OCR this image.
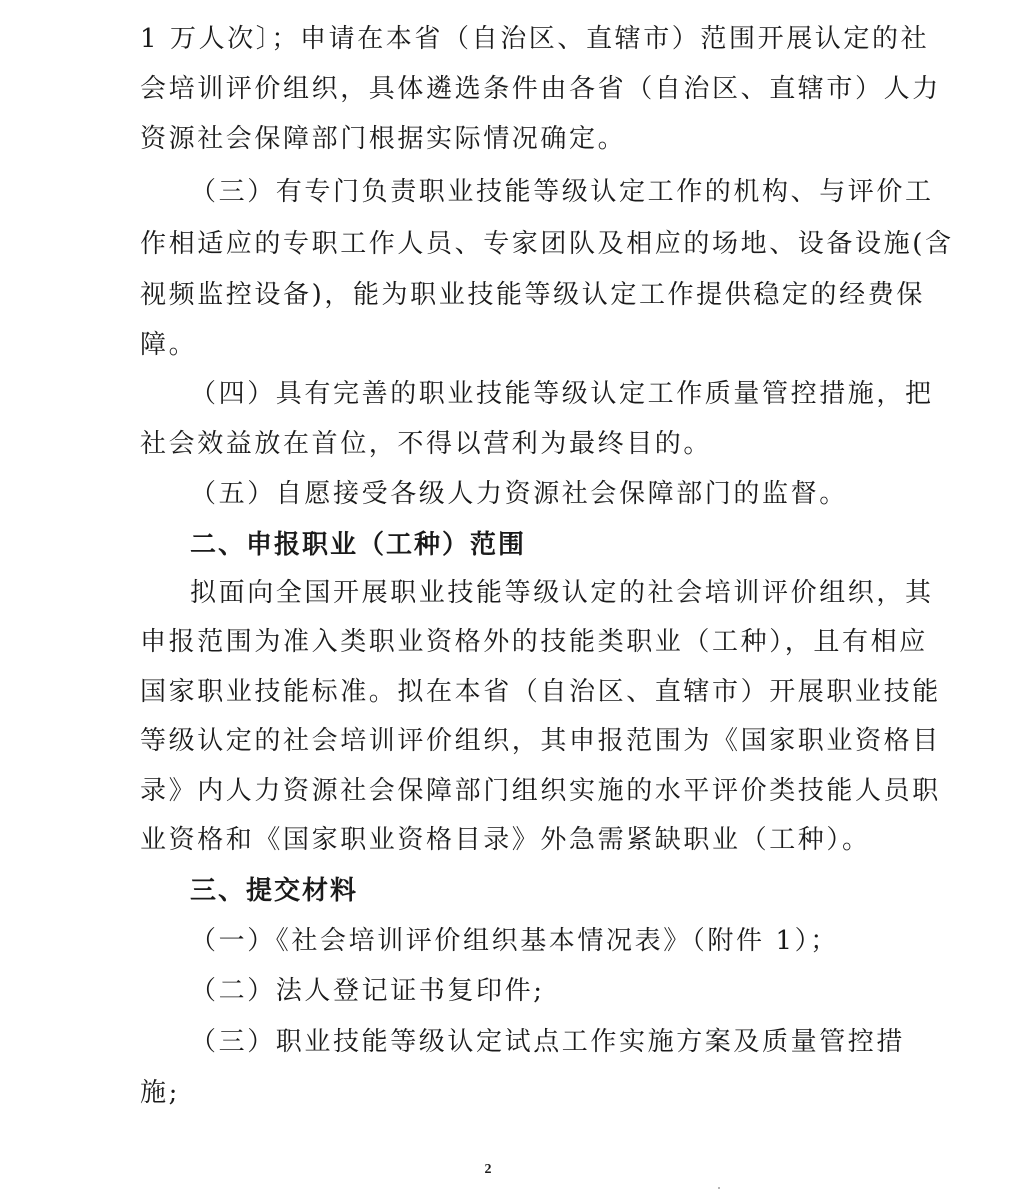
1 万人次〕；申请在本省（自治区、直辖市）范围开展认定的社
会培训评价组织，具体遴选条件由各省（自治区、直辖市）人力
资源社会保障部门根据实际情况确定。
（三）有专门负责职业技能等级认定工作的机构、与评价工
作相适应的专职工作人员、专家团队及相应的场地、设备设施(含
视频监控设备)，能为职业技能等级认定工作提供稳定的经费保
障。
（四）具有完善的职业技能等级认定工作质量管控措施，把
社会效益放在首位，不得以营利为最终目的。
（五）自愿接受各级人力资源社会保障部门的监督。
二、申报职业（工种）范围
拟面向全国开展职业技能等级认定的社会培训评价组织，其
申报范围为准入类职业资格外的技能类职业（工种），且有相应
国家职业技能标准。拟在本省（自治区、直辖市）开展职业技能
等级认定的社会培训评价组织，其申报范围为《国家职业资格目
录》内人力资源社会保障部门组织实施的水平评价类技能人员职
业资格和《国家职业资格目录》外急需紧缺职业（工种）。
三、提交材料
（一）《社会培训评价组织基本情况表》（附件 1）；
（二）法人登记证书复印件;
（三）职业技能等级认定试点工作实施方案及质量管控措
施;
2
